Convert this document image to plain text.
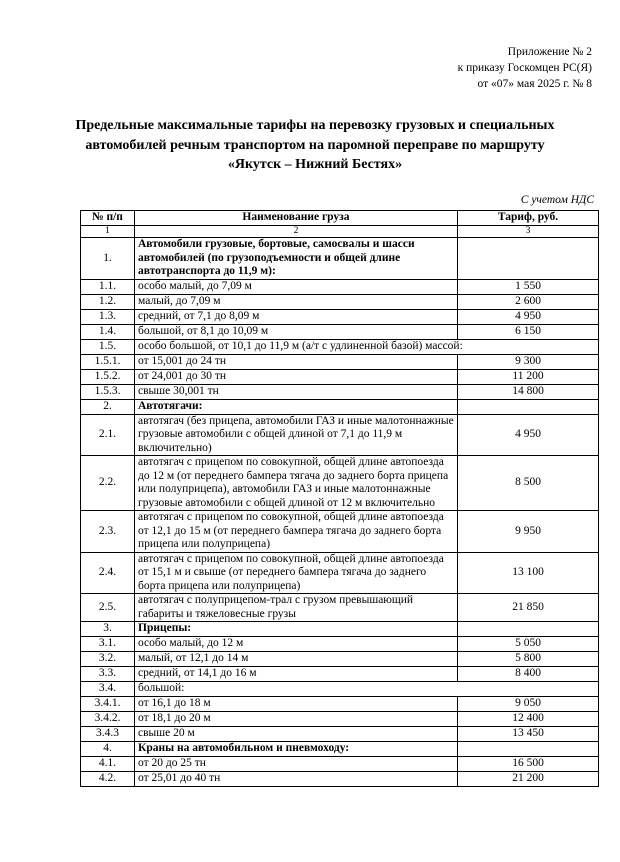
Приложение № 2
к приказу Госкомцен РС(Я)
от «07» мая 2025 г. № 8
Предельные максимальные тарифы на перевозку грузовых и специальных
автомобилей речным транспортом на паромной переправе по маршруту
«Якутск – Нижний Бестях»
С учетом НДС
№ п/п	Наименование груза	Тариф, руб.
1	2	3
1.	Автомобили грузовые, бортовые, самосвалы и шасси автомобилей (по грузоподъемности и общей длине автотранспорта до 11,9 м):	
1.1.	особо малый, до 7,09 м	1 550
1.2.	малый, до 7,09 м	2 600
1.3.	средний, от 7,1 до 8,09 м	4 950
1.4.	большой, от 8,1 до 10,09 м	6 150
1.5.	особо большой, от 10,1 до 11,9 м (а/т с удлиненной базой) массой:	
1.5.1.	от 15,001 до 24 тн	9 300
1.5.2.	от 24,001 до 30 тн	11 200
1.5.3.	свыше 30,001 тн	14 800
2.	Автотягачи:	
2.1.	автотягач (без прицепа, автомобили ГАЗ и иные малотоннажные грузовые автомобили с общей длиной от 7,1 до 11,9 м включительно)	4 950
2.2.	автотягач с прицепом по совокупной, общей длине автопоезда до 12 м (от переднего бампера тягача до заднего борта прицепа или полуприцепа), автомобили ГАЗ и иные малотоннажные грузовые автомобили с общей длиной от 12 м включительно	8 500
2.3.	автотягач с прицепом по совокупной, общей длине автопоезда от 12,1 до 15 м (от переднего бампера тягача до заднего борта прицепа или полуприцепа)	9 950
2.4.	автотягач с прицепом по совокупной, общей длине автопоезда от 15,1 м и свыше (от переднего бампера тягача до заднего борта прицепа или полуприцепа)	13 100
2.5.	автотягач с полуприцепом-трал с грузом превышающий габариты и тяжеловесные грузы	21 850
3.	Прицепы:	
3.1.	особо малый, до 12 м	5 050
3.2.	малый, от 12,1 до 14 м	5 800
3.3.	средний, от 14,1 до 16 м	8 400
3.4.	большой:	
3.4.1.	от 16,1 до 18 м	9 050
3.4.2.	от 18,1 до 20 м	12 400
3.4.3	свыше 20 м	13 450
4.	Краны на автомобильном и пневмоходу:	
4.1.	от 20 до 25 тн	16 500
4.2.	от 25,01 до 40 тн	21 200
